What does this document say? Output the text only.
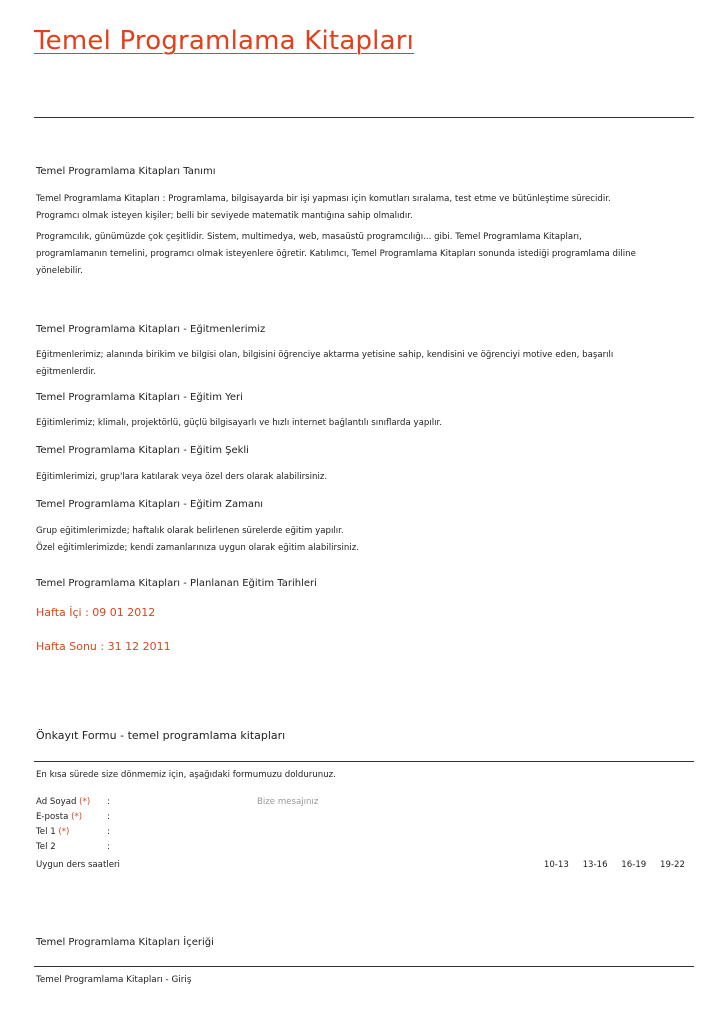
Temel Programlama Kitapları
Temel Programlama Kitapları Tanımı
Temel Programlama Kitapları : Programlama, bilgisayarda bir işi yapması için komutları sıralama, test etme ve bütünleştime sürecidir.
Programcı olmak isteyen kişiler; belli bir seviyede matematik mantığına sahip olmalıdır.
Programcılık, günümüzde çok çeşitlidir. Sistem, multimedya, web, masaüstü programcılığı... gibi. Temel Programlama Kitapları,
programlamanın temelini, programcı olmak isteyenlere öğretir. Katılımcı, Temel Programlama Kitapları sonunda istediği programlama diline
yönelebilir.
Temel Programlama Kitapları - Eğitmenlerimiz
Eğitmenlerimiz; alanında birikim ve bilgisi olan, bilgisini öğrenciye aktarma yetisine sahip, kendisini ve öğrenciyi motive eden, başarılı
eğitmenlerdir.
Temel Programlama Kitapları - Eğitim Yeri
Eğitimlerimiz; klimalı, projektörlü, güçlü bilgisayarlı ve hızlı internet bağlantılı sınıflarda yapılır.
Temel Programlama Kitapları - Eğitim Şekli
Eğitimlerimizi, grup'lara katılarak veya özel ders olarak alabilirsiniz.
Temel Programlama Kitapları - Eğitim Zamanı
Grup eğitimlerimizde; haftalık olarak belirlenen sürelerde eğitim yapılır.
Özel eğitimlerimizde; kendi zamanlarınıza uygun olarak eğitim alabilirsiniz.
Temel Programlama Kitapları - Planlanan Eğitim Tarihleri
Hafta İçi : 09 01 2012
Hafta Sonu : 31 12 2011
Önkayıt Formu - temel programlama kitapları
En kısa sürede size dönmemiz için, aşağıdaki formumuzu doldurunuz.
Ad Soyad (*) :
E-posta (*)	:
Tel 1 (*)	:
Tel 2	:
Bize mesajınız
Uygun ders saatleri	10-13 13-16 16-19 19-22
Temel Programlama Kitapları İçeriği
Temel Programlama Kitapları - Giriş
